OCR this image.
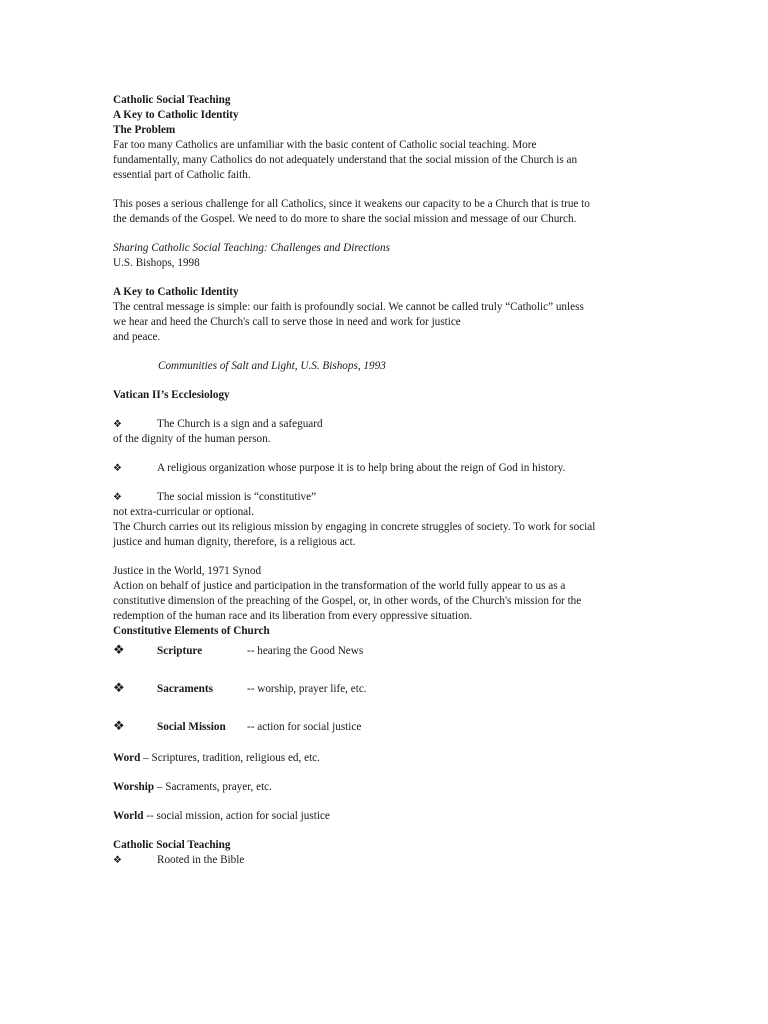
Catholic Social Teaching

A Key to Catholic Identity

The Problem

Far too many Catholics are unfamiliar with the basic content of Catholic social teaching. More

fundamentally, many Catholics do not adequately understand that the social mission of the Church is an

essential part of Catholic faith.

This poses a serious challenge for all Catholics, since it weakens our capacity to be a Church that is true to

the demands of the Gospel. We need to do more to share the social mission and message of our Church.

Sharing Catholic Social Teaching: Challenges and Directions

U.S. Bishops, 1998

A Key to Catholic Identity

The central message is simple: our faith is profoundly social. We cannot be called truly “Catholic” unless

we hear and heed the Church's call to serve those in need and work for justice

and peace.

Communities of Salt and Light, U.S. Bishops, 1993

Vatican II’s Ecclesiology

❖	The Church is a sign and a safeguard

of the dignity of the human person.

❖	A religious organization whose purpose it is to help bring about the reign of God in history.
❖	The social mission is “constitutive”

not extra-curricular or optional.

The Church carries out its religious mission by engaging in concrete struggles of society. To work for social

justice and human dignity, therefore, is a religious act.

Justice in the World, 1971 Synod

Action on behalf of justice and participation in the transformation of the world fully appear to us as a

constitutive dimension of the preaching of the Gospel, or, in other words, of the Church's mission for the

redemption of the human race and its liberation from every oppressive situation.

Constitutive Elements of Church

❖	Scripture	-- hearing the Good News
❖	Sacraments	-- worship, prayer life, etc.
❖	Social Mission	-- action for social justice

Word – Scriptures, tradition, religious ed, etc.

Worship – Sacraments, prayer, etc.

World -- social mission, action for social justice

Catholic Social Teaching

❖	Rooted in the Bible
